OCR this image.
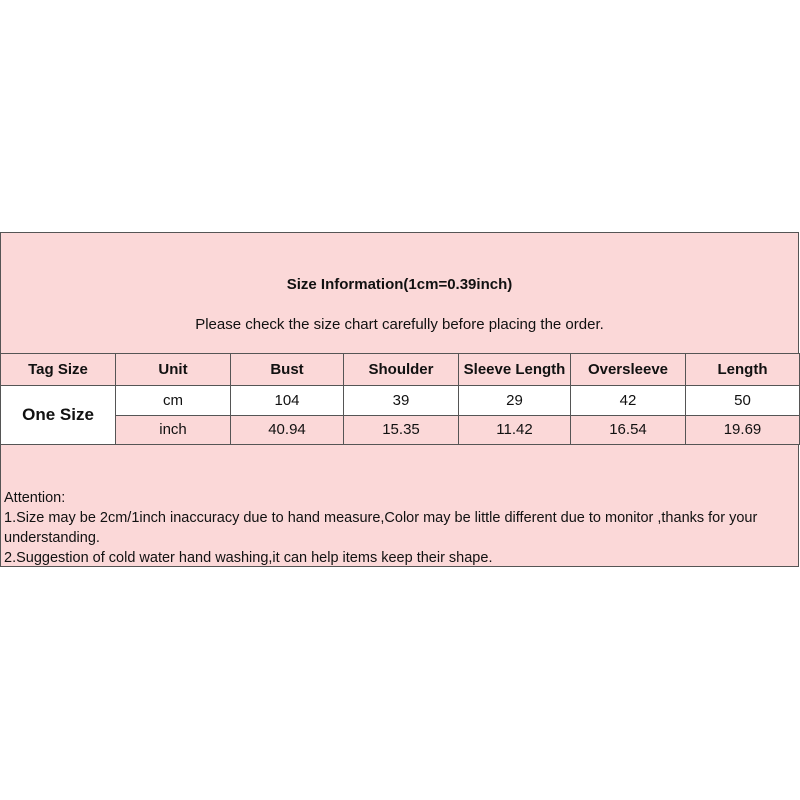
Size Information(1cm=0.39inch)
Please check the size chart carefully before placing the order.
Tag Size	Unit	Bust	Shoulder	Sleeve Length	Oversleeve	Length
One Size	cm	104	39	29	42	50
	inch	40.94	15.35	11.42	16.54	19.69
Attention:
1.Size may be 2cm/1inch inaccuracy due to hand measure,Color may be little different due to monitor ,thanks for your understanding.
2.Suggestion of cold water hand washing,it can help items keep their shape.
